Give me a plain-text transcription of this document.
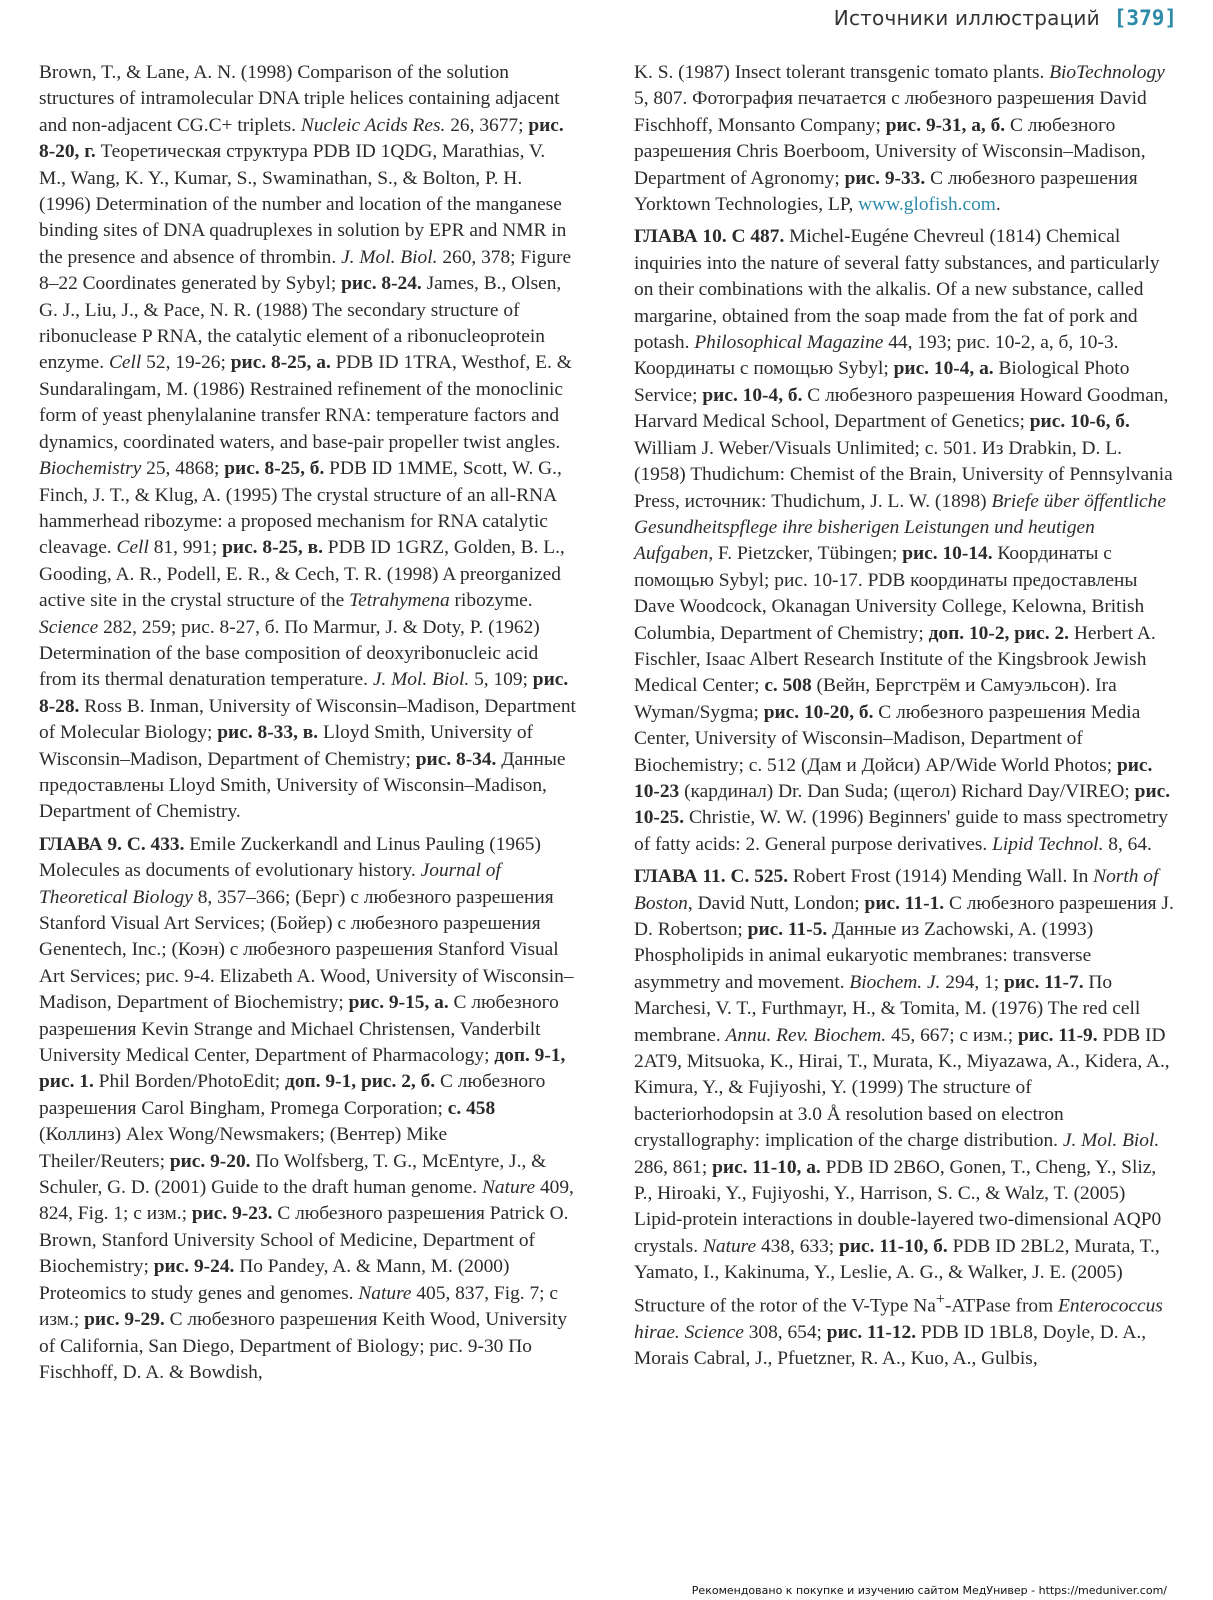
Источники иллюстраций [379]

Brown, T., & Lane, A. N. (1998) Comparison of the solution structures of intramolecular DNA triple helices containing adjacent and non-adjacent CG.C+ triplets. Nucleic Acids Res. 26, 3677; рис. 8-20, г. Теоретическая структура PDB ID 1QDG, Marathias, V. M., Wang, K. Y., Kumar, S., Swaminathan, S., & Bolton, P. H. (1996) Determination of the number and location of the manganese binding sites of DNA quadruplexes in solution by EPR and NMR in the presence and absence of thrombin. J. Mol. Biol. 260, 378; Figure 8–22 Coordinates generated by Sybyl; рис. 8-24. James, B., Olsen, G. J., Liu, J., & Pace, N. R. (1988) The secondary structure of ribonuclease P RNA, the catalytic element of a ribonucleoprotein enzyme. Cell 52, 19-26; рис. 8-25, а. PDB ID 1TRA, Westhof, E. & Sundaralingam, M. (1986) Restrained refinement of the monoclinic form of yeast phenylalanine transfer RNA: temperature factors and dynamics, coordinated waters, and base-pair propeller twist angles. Biochemistry 25, 4868; рис. 8-25, б. PDB ID 1MME, Scott, W. G., Finch, J. T., & Klug, A. (1995) The crystal structure of an all-RNA hammerhead ribozyme: a proposed mechanism for RNA catalytic cleavage. Cell 81, 991; рис. 8-25, в. PDB ID 1GRZ, Golden, B. L., Gooding, A. R., Podell, E. R., & Cech, T. R. (1998) A preorganized active site in the crystal structure of the Tetrahymena ribozyme. Science 282, 259; рис. 8-27, б. По Marmur, J. & Doty, P. (1962) Determination of the base composition of deoxyribonucleic acid from its thermal denaturation temperature. J. Mol. Biol. 5, 109; рис. 8-28. Ross B. Inman, University of Wisconsin–Madison, Department of Molecular Biology; рис. 8-33, в. Lloyd Smith, University of Wisconsin–Madison, Department of Chemistry; рис. 8-34. Данные предоставлены Lloyd Smith, University of Wisconsin–Madison, Department of Chemistry.

ГЛАВА 9. С. 433. Emile Zuckerkandl and Linus Pauling (1965) Molecules as documents of evolutionary history. Journal of Theoretical Biology 8, 357–366; (Берг) с любезного разрешения Stanford Visual Art Services; (Бойер) с любезного разрешения Genentech, Inc.; (Коэн) с любезного разрешения Stanford Visual Art Services; рис. 9-4. Elizabeth A. Wood, University of Wisconsin–Madison, Department of Biochemistry; рис. 9-15, а. С любезного разрешения Kevin Strange and Michael Christensen, Vanderbilt University Medical Center, Department of Pharmacology; доп. 9-1, рис. 1. Phil Borden/PhotoEdit; доп. 9-1, рис. 2, б. С любезного разрешения Carol Bingham, Promega Corporation; с. 458 (Коллинз) Alex Wong/Newsmakers; (Вентер) Mike Theiler/Reuters; рис. 9-20. По Wolfsberg, T. G., McEntyre, J., & Schuler, G. D. (2001) Guide to the draft human genome. Nature 409, 824, Fig. 1; с изм.; рис. 9-23. С любезного разрешения Patrick O. Brown, Stanford University School of Medicine, Department of Biochemistry; рис. 9-24. По Pandey, A. & Mann, M. (2000) Proteomics to study genes and genomes. Nature 405, 837, Fig. 7; с изм.; рис. 9-29. С любезного разрешения Keith Wood, University of California, San Diego, Department of Biology; рис. 9-30 По Fischhoff, D. A. & Bowdish,

K. S. (1987) Insect tolerant transgenic tomato plants. BioTechnology 5, 807. Фотография печатается с любезного разрешения David Fischhoff, Monsanto Company; рис. 9-31, а, б. С любезного разрешения Chris Boerboom, University of Wisconsin–Madison, Department of Agronomy; рис. 9-33. С любезного разрешения Yorktown Technologies, LP, www.glofish.com.

ГЛАВА 10. С 487. Michel-Eugéne Chevreul (1814) Chemical inquiries into the nature of several fatty substances, and particularly on their combinations with the alkalis. Of a new substance, called margarine, obtained from the soap made from the fat of pork and potash. Philosophical Magazine 44, 193; рис. 10-2, а, б, 10-3. Координаты с помощью Sybyl; рис. 10-4, а. Biological Photo Service; рис. 10-4, б. С любезного разрешения Howard Goodman, Harvard Medical School, Department of Genetics; рис. 10-6, б. William J. Weber/Visuals Unlimited; с. 501. Из Drabkin, D. L. (1958) Thudichum: Chemist of the Brain, University of Pennsylvania Press, источник: Thudichum, J. L. W. (1898) Briefe über öffentliche Gesundheitspflege ihre bisherigen Leistungen und heutigen Aufgaben, F. Pietzcker, Tübingen; рис. 10-14. Координаты с помощью Sybyl; рис. 10-17. PDB координаты предоставлены Dave Woodcock, Okanagan University College, Kelowna, British Columbia, Department of Chemistry; доп. 10-2, рис. 2. Herbert A. Fischler, Isaac Albert Research Institute of the Kingsbrook Jewish Medical Center; с. 508 (Вейн, Бергстрём и Самуэльсон). Ira Wyman/Sygma; рис. 10-20, б. С любезного разрешения Media Center, University of Wisconsin–Madison, Department of Biochemistry; с. 512 (Дам и Дойси) AP/Wide World Photos; рис. 10-23 (кардинал) Dr. Dan Suda; (щегол) Richard Day/VIREO; рис. 10-25. Christie, W. W. (1996) Beginners' guide to mass spectrometry of fatty acids: 2. General purpose derivatives. Lipid Technol. 8, 64.

ГЛАВА 11. С. 525. Robert Frost (1914) Mending Wall. In North of Boston, David Nutt, London; рис. 11-1. С любезного разрешения J. D. Robertson; рис. 11-5. Данные из Zachowski, A. (1993) Phospholipids in animal eukaryotic membranes: transverse asymmetry and movement. Biochem. J. 294, 1; рис. 11-7. По Marchesi, V. T., Furthmayr, H., & Tomita, M. (1976) The red cell membrane. Annu. Rev. Biochem. 45, 667; с изм.; рис. 11-9. PDB ID 2AT9, Mitsuoka, K., Hirai, T., Murata, K., Miyazawa, A., Kidera, A., Kimura, Y., & Fujiyoshi, Y. (1999) The structure of bacteriorhodopsin at 3.0 Å resolution based on electron crystallography: implication of the charge distribution. J. Mol. Biol. 286, 861; рис. 11-10, а. PDB ID 2B6O, Gonen, T., Cheng, Y., Sliz, P., Hiroaki, Y., Fujiyoshi, Y., Harrison, S. C., & Walz, T. (2005) Lipid-protein interactions in double-layered two-dimensional AQP0 crystals. Nature 438, 633; рис. 11-10, б. PDB ID 2BL2, Murata, T., Yamato, I., Kakinuma, Y., Leslie, A. G., & Walker, J. E. (2005) Structure of the rotor of the V-Type Na+-ATPase from Enterococcus hirae. Science 308, 654; рис. 11-12. PDB ID 1BL8, Doyle, D. A., Morais Cabral, J., Pfuetzner, R. A., Kuo, A., Gulbis,

Рекомендовано к покупке и изучению сайтом МедУнивер - https://meduniver.com/
